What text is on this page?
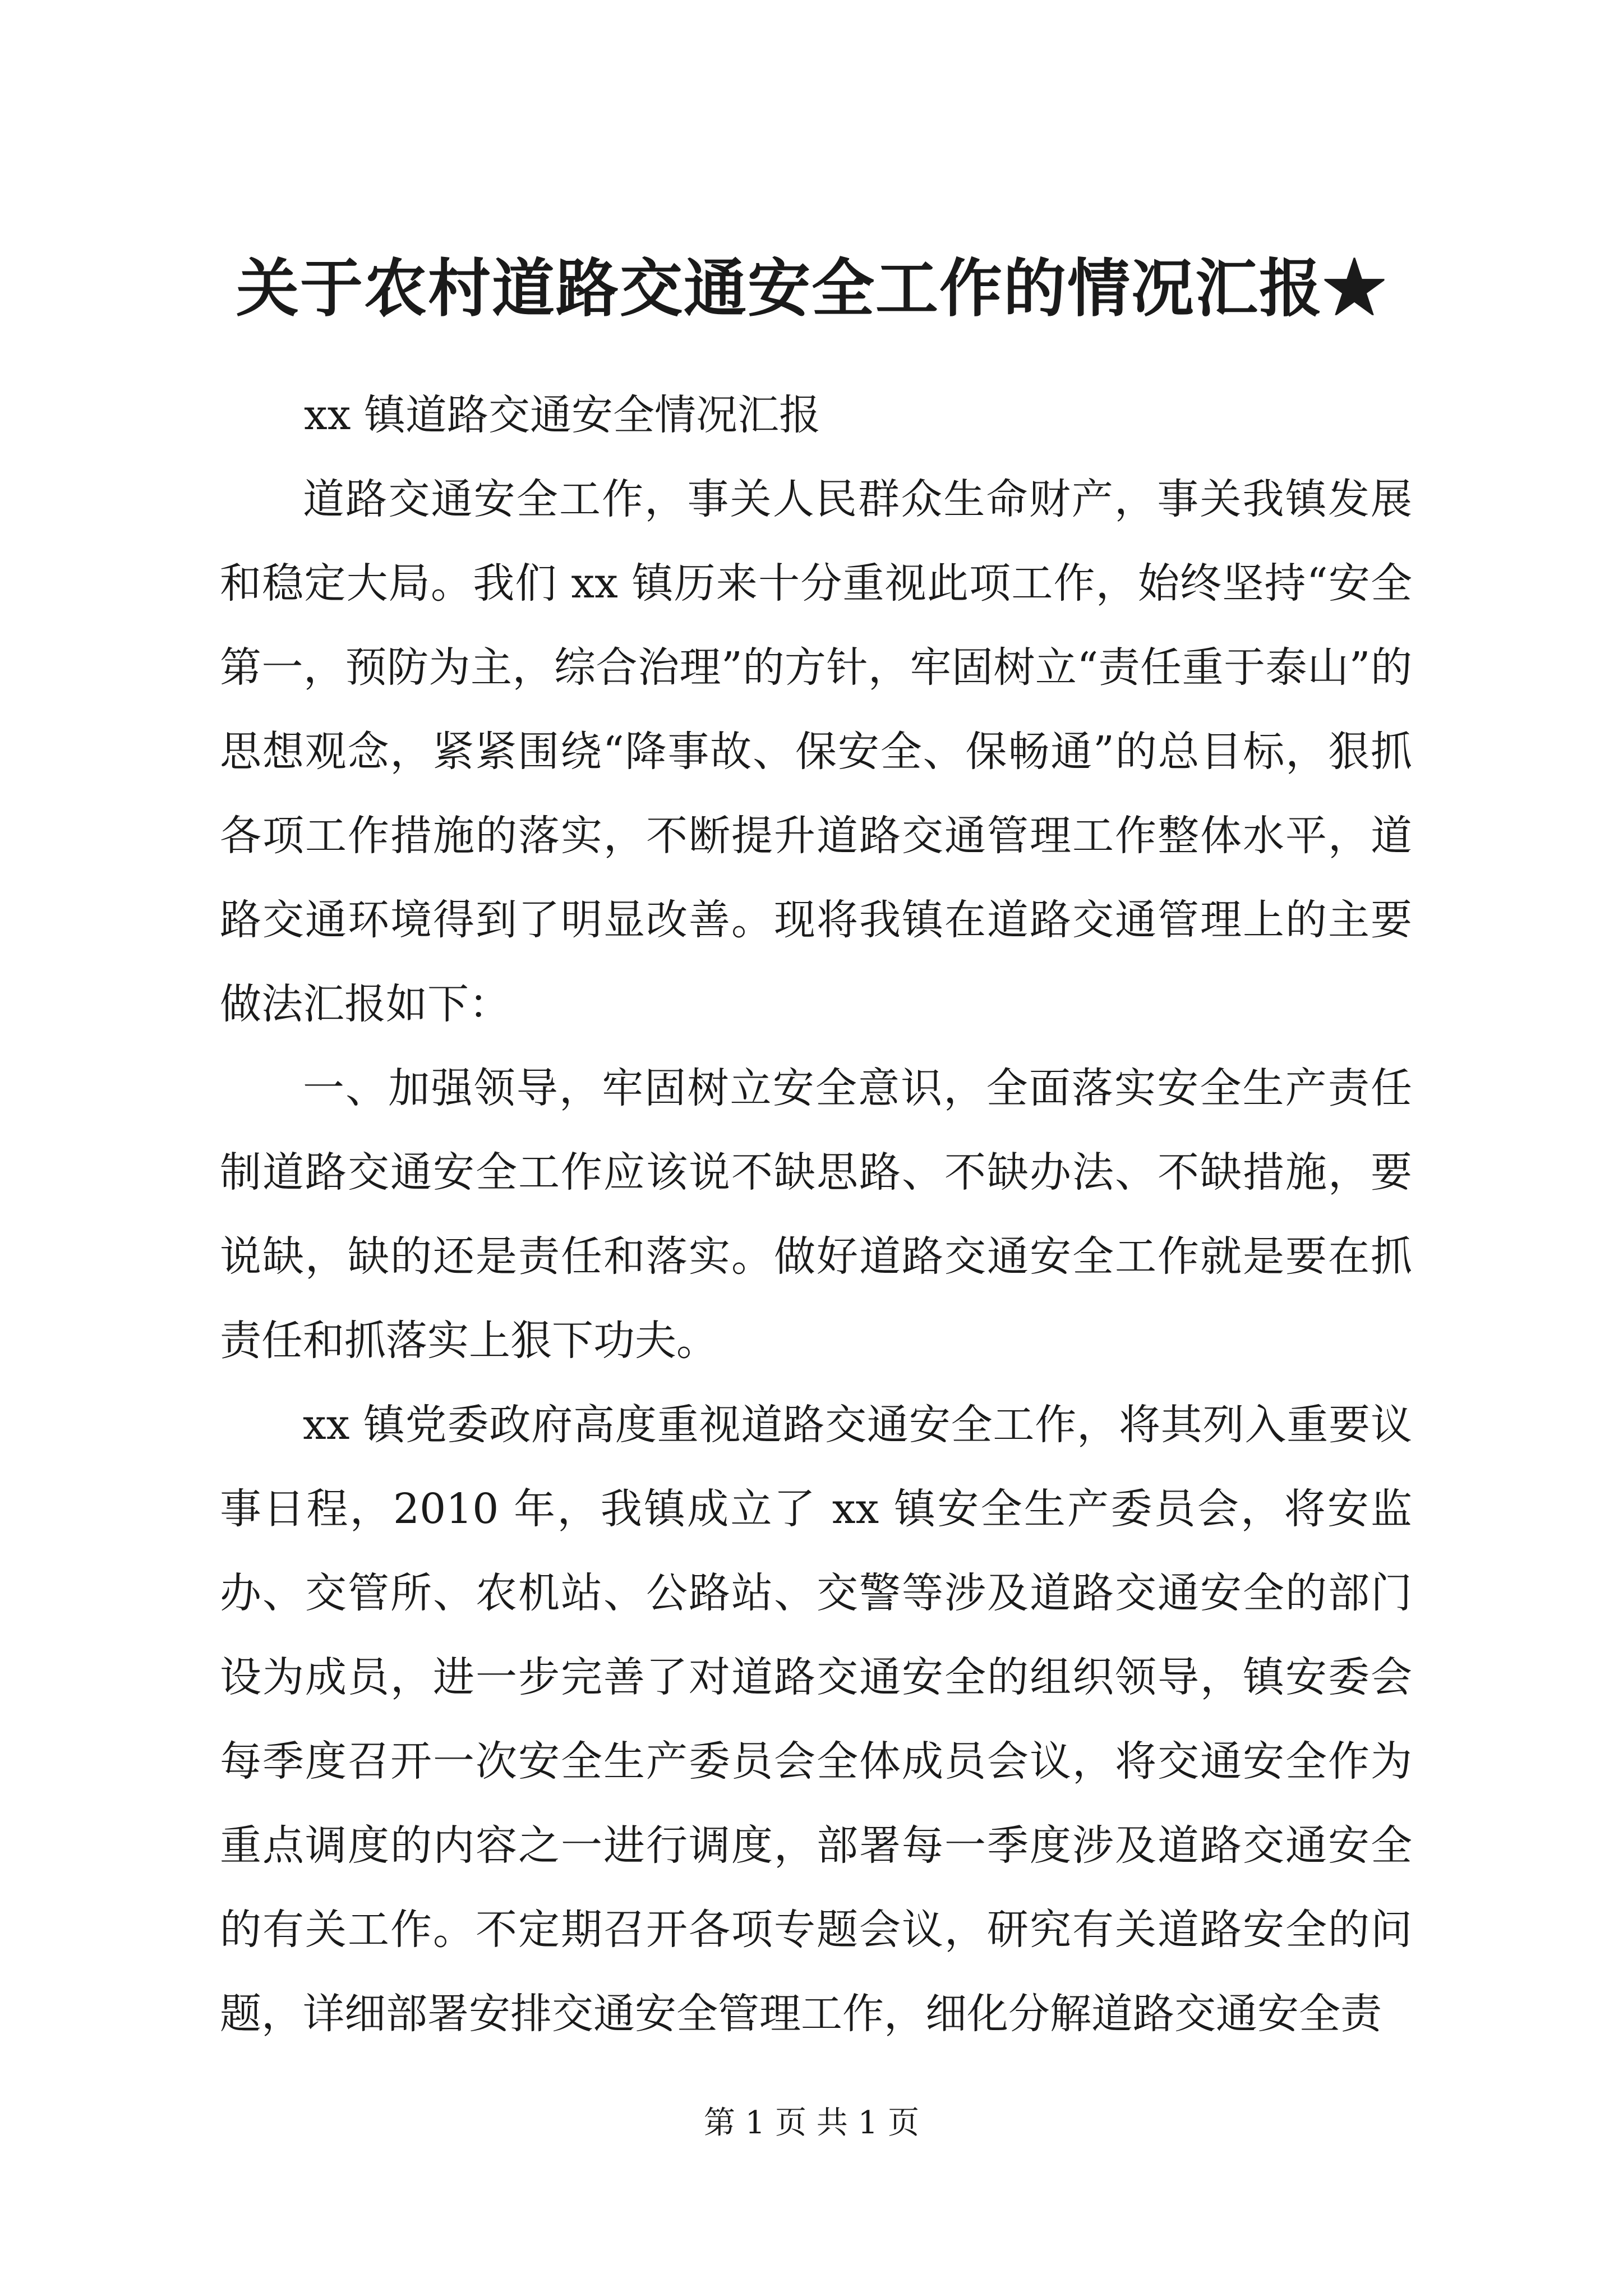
关于农村道路交通安全工作的情况汇报★

xx 镇道路交通安全情况汇报

道路交通安全工作，事关人民群众生命财产，事关我镇发展和稳定大局。我们 xx 镇历来十分重视此项工作，始终坚持“安全第一，预防为主，综合治理”的方针，牢固树立“责任重于泰山”的思想观念，紧紧围绕“降事故、保安全、保畅通”的总目标，狠抓各项工作措施的落实，不断提升道路交通管理工作整体水平，道路交通环境得到了明显改善。现将我镇在道路交通管理上的主要做法汇报如下：

一、加强领导，牢固树立安全意识，全面落实安全生产责任制道路交通安全工作应该说不缺思路、不缺办法、不缺措施，要说缺，缺的还是责任和落实。做好道路交通安全工作就是要在抓责任和抓落实上狠下功夫。

xx 镇党委政府高度重视道路交通安全工作，将其列入重要议事日程，2010 年，我镇成立了 xx 镇安全生产委员会，将安监办、交管所、农机站、公路站、交警等涉及道路交通安全的部门设为成员，进一步完善了对道路交通安全的组织领导，镇安委会每季度召开一次安全生产委员会全体成员会议，将交通安全作为重点调度的内容之一进行调度，部署每一季度涉及道路交通安全的有关工作。不定期召开各项专题会议，研究有关道路安全的问题，详细部署安排交通安全管理工作，细化分解道路交通安全责

第 1 页 共 1 页
